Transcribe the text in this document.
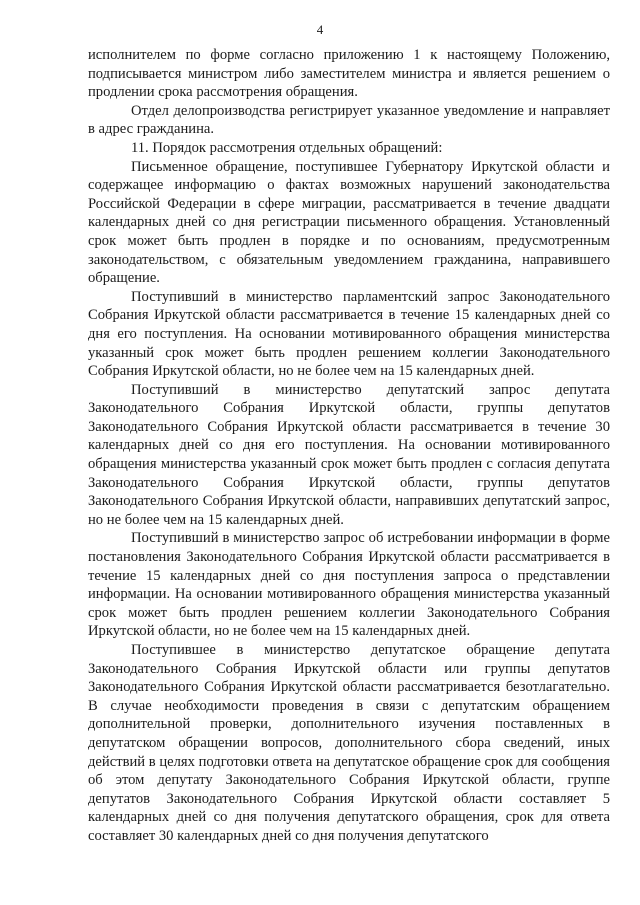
4

исполнителем по форме согласно приложению 1 к настоящему Положению, подписывается министром либо заместителем министра и является решением о продлении срока рассмотрения обращения.

Отдел делопроизводства регистрирует указанное уведомление и направляет в адрес гражданина.

11. Порядок рассмотрения отдельных обращений:

Письменное обращение, поступившее Губернатору Иркутской области и содержащее информацию о фактах возможных нарушений законодательства Российской Федерации в сфере миграции, рассматривается в течение двадцати календарных дней со дня регистрации письменного обращения. Установленный срок может быть продлен в порядке и по основаниям, предусмотренным законодательством, с обязательным уведомлением гражданина, направившего обращение.

Поступивший в министерство парламентский запрос Законодательного Собрания Иркутской области рассматривается в течение 15 календарных дней со дня его поступления. На основании мотивированного обращения министерства указанный срок может быть продлен решением коллегии Законодательного Собрания Иркутской области, но не более чем на 15 календарных дней.

Поступивший в министерство депутатский запрос депутата Законодательного Собрания Иркутской области, группы депутатов Законодательного Собрания Иркутской области рассматривается в течение 30 календарных дней со дня его поступления. На основании мотивированного обращения министерства указанный срок может быть продлен с согласия депутата Законодательного Собрания Иркутской области, группы депутатов Законодательного Собрания Иркутской области, направивших депутатский запрос, но не более чем на 15 календарных дней.

Поступивший в министерство запрос об истребовании информации в форме постановления Законодательного Собрания Иркутской области рассматривается в течение 15 календарных дней со дня поступления запроса о представлении информации. На основании мотивированного обращения министерства указанный срок может быть продлен решением коллегии Законодательного Собрания Иркутской области, но не более чем на 15 календарных дней.

Поступившее в министерство депутатское обращение депутата Законодательного Собрания Иркутской области или группы депутатов Законодательного Собрания Иркутской области рассматривается безотлагательно. В случае необходимости проведения в связи с депутатским обращением дополнительной проверки, дополнительного изучения поставленных в депутатском обращении вопросов, дополнительного сбора сведений, иных действий в целях подготовки ответа на депутатское обращение срок для сообщения об этом депутату Законодательного Собрания Иркутской области, группе депутатов Законодательного Собрания Иркутской области составляет 5 календарных дней со дня получения депутатского обращения, срок для ответа составляет 30 календарных дней со дня получения депутатского
